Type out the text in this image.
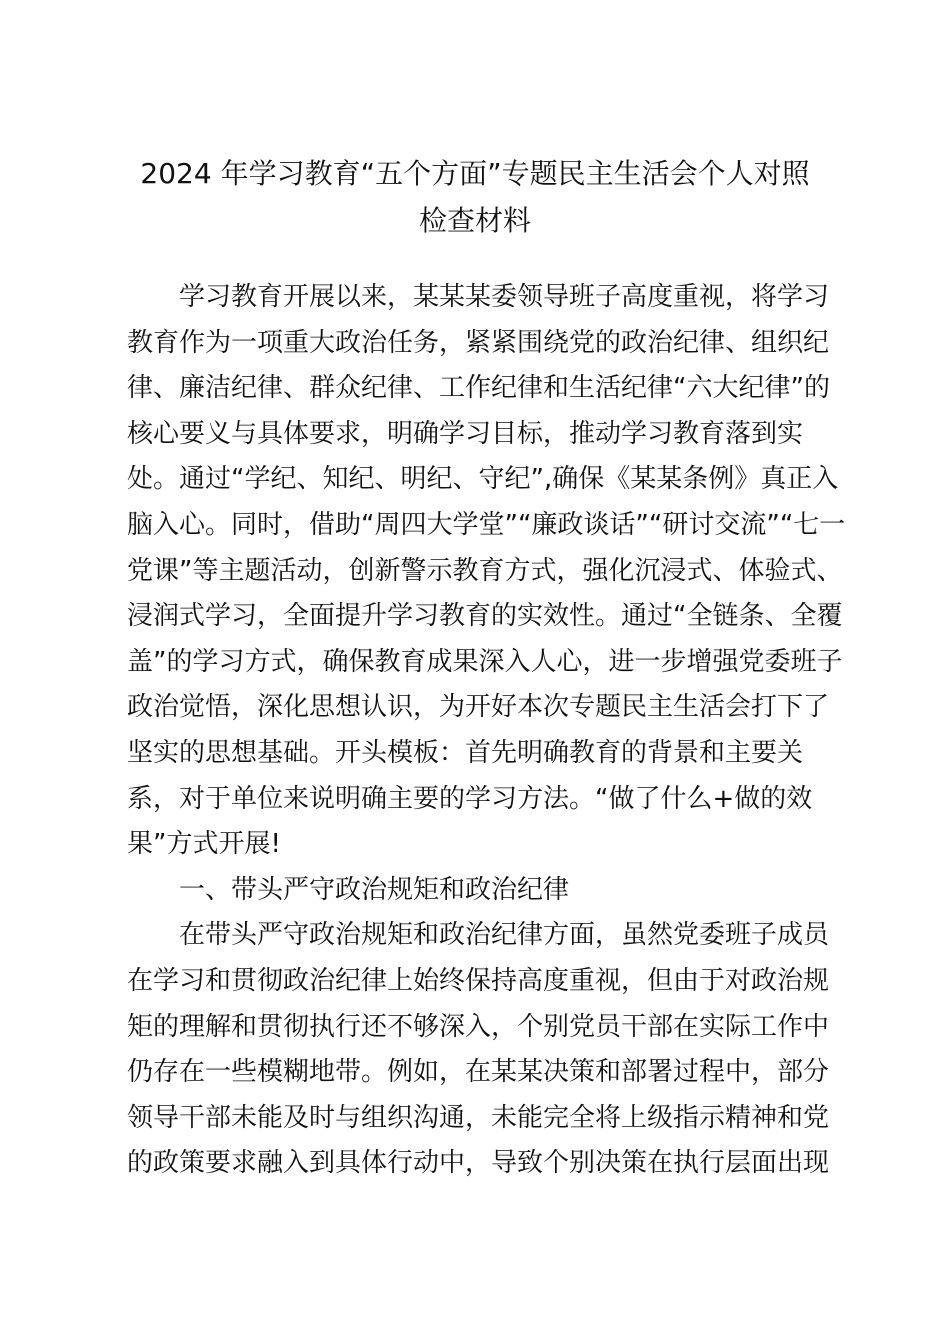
2024 年学习教育“五个方面”专题民主生活会个人对照
检查材料
学习教育开展以来，某某某委领导班子高度重视，将学习
教育作为一项重大政治任务，紧紧围绕党的政治纪律、组织纪
律、廉洁纪律、群众纪律、工作纪律和生活纪律“六大纪律”的
核心要义与具体要求，明确学习目标，推动学习教育落到实
处。通过“学纪、知纪、明纪、守纪”,确保《某某条例》真正入
脑入心。同时，借助“周四大学堂”“廉政谈话”“研讨交流”“七一
党课”等主题活动，创新警示教育方式，强化沉浸式、体验式、
浸润式学习，全面提升学习教育的实效性。通过“全链条、全覆
盖”的学习方式，确保教育成果深入人心，进一步增强党委班子
政治觉悟，深化思想认识，为开好本次专题民主生活会打下了
坚实的思想基础。开头模板：首先明确教育的背景和主要关
系，对于单位来说明确主要的学习方法。“做了什么+做的效
果”方式开展!
一、带头严守政治规矩和政治纪律
在带头严守政治规矩和政治纪律方面，虽然党委班子成员
在学习和贯彻政治纪律上始终保持高度重视，但由于对政治规
矩的理解和贯彻执行还不够深入，个别党员干部在实际工作中
仍存在一些模糊地带。例如，在某某决策和部署过程中，部分
领导干部未能及时与组织沟通，未能完全将上级指示精神和党
的政策要求融入到具体行动中，导致个别决策在执行层面出现
